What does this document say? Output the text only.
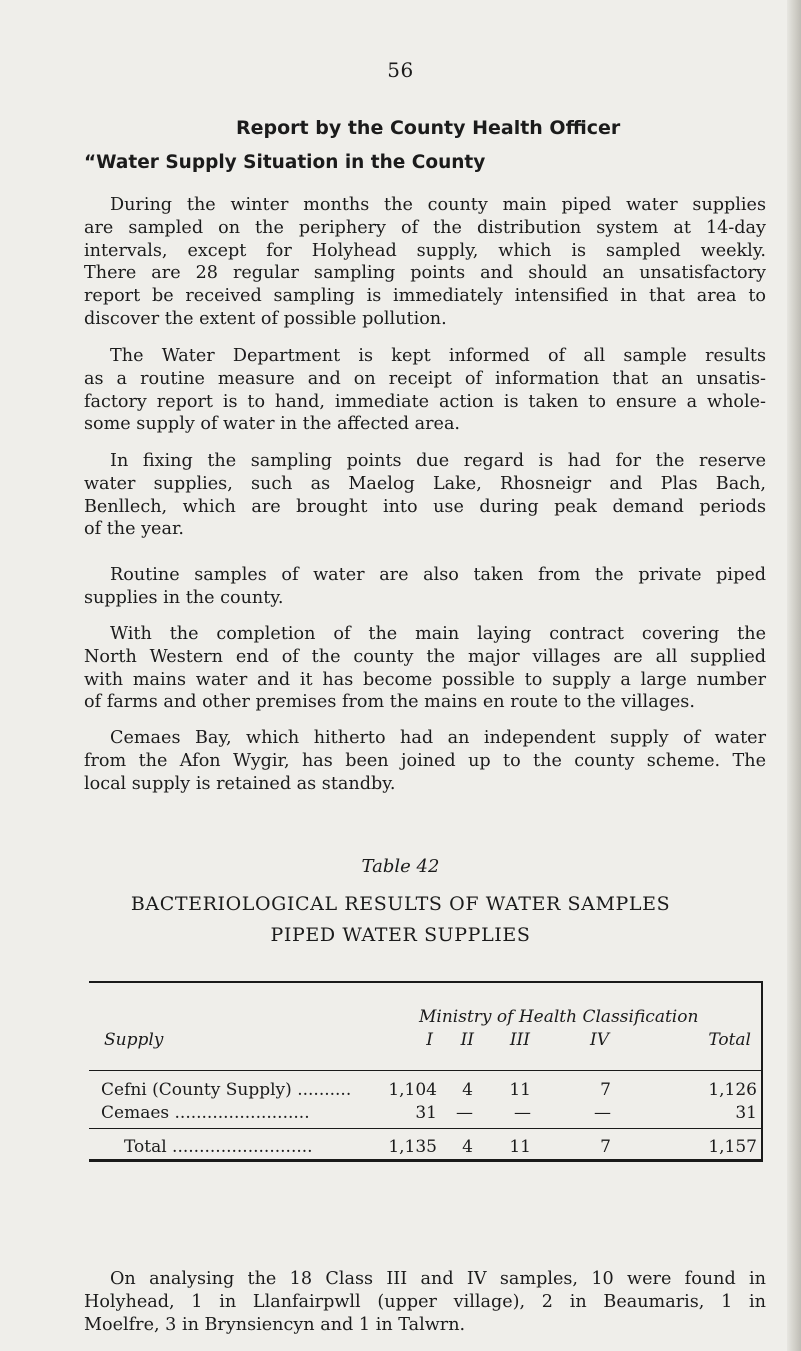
56
Report by the County Health Officer
“Water Supply Situation in the County

During the winter months the county main piped water supplies
are sampled on the periphery of the distribution system at 14-day
intervals, except for Holyhead supply, which is sampled weekly.
There are 28 regular sampling points and should an unsatisfactory
report be received sampling is immediately intensified in that area to
discover the extent of possible pollution.

The Water Department is kept informed of all sample results
as a routine measure and on receipt of information that an unsatis-
factory report is to hand, immediate action is taken to ensure a whole-
some supply of water in the affected area.

In fixing the sampling points due regard is had for the reserve
water supplies, such as Maelog Lake, Rhosneigr and Plas Bach,
Benllech, which are brought into use during peak demand periods
of the year.

Routine samples of water are also taken from the private piped
supplies in the county.

With the completion of the main laying contract covering the
North Western end of the county the major villages are all supplied
with mains water and it has become possible to supply a large number
of farms and other premises from the mains en route to the villages.

Cemaes Bay, which hitherto had an independent supply of water
from the Afon Wygir, has been joined up to the county scheme. The
local supply is retained as standby.

Table 42
BACTERIOLOGICAL RESULTS OF WATER SAMPLES
PIPED WATER SUPPLIES
Ministry of Health Classification
Supply	I	II	III	IV	Total
Cefni (County Supply) ..........	1,104	4	11	7	1,126
Cemaes .........................	31	—	—	—	31
Total ..........................	1,135	4	11	7	1,157

On analysing the 18 Class III and IV samples, 10 were found in
Holyhead, 1 in Llanfairpwll (upper village), 2 in Beaumaris, 1 in
Moelfre, 3 in Brynsiencyn and 1 in Talwrn.
